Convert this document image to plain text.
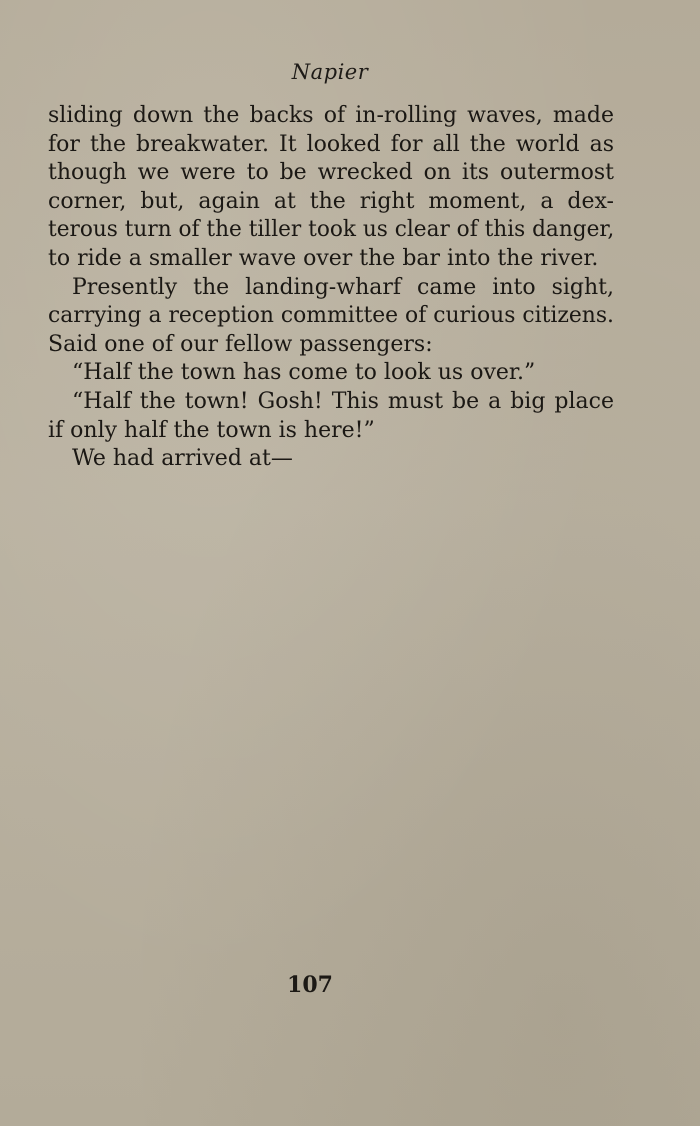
Napier
sliding down the backs of in-rolling waves, made
for the breakwater. It looked for all the world as
though we were to be wrecked on its outermost
corner, but, again at the right moment, a dex-
terous turn of the tiller took us clear of this danger,
to ride a smaller wave over the bar into the river.
Presently the landing-wharf came into sight,
carrying a reception committee of curious citizens.
Said one of our fellow passengers:
“Half the town has come to look us over.”
“Half the town! Gosh! This must be a big place
if only half the town is here!”
We had arrived at—
107
